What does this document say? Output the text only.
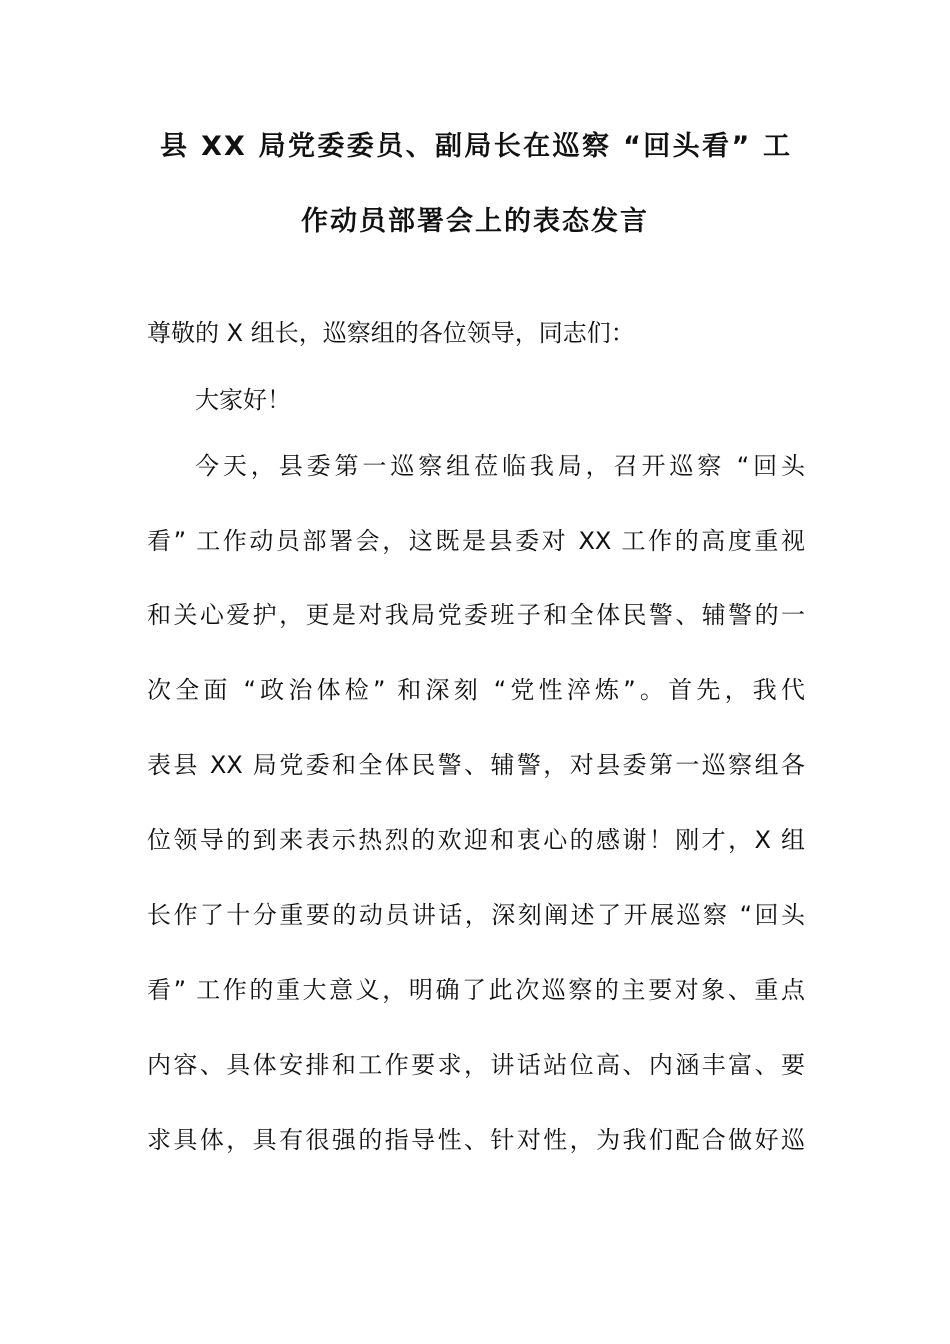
县 XX 局党委委员、副局长在巡察 “回头看” 工
作动员部署会上的表态发言
尊敬的 X 组长，巡察组的各位领导，同志们：
大家好！
今天，县委第一巡察组莅临我局，召开巡察 “回头
看” 工作动员部署会，这既是县委对 XX 工作的高度重视
和关心爱护，更是对我局党委班子和全体民警、辅警的一
次全面 “政治体检” 和深刻 “党性淬炼”。首先，我代
表县 XX 局党委和全体民警、辅警，对县委第一巡察组各
位领导的到来表示热烈的欢迎和衷心的感谢！刚才，X 组
长作了十分重要的动员讲话，深刻阐述了开展巡察 “回头
看” 工作的重大意义，明确了此次巡察的主要对象、重点
内容、具体安排和工作要求，讲话站位高、内涵丰富、要
求具体，具有很强的指导性、针对性，为我们配合做好巡
